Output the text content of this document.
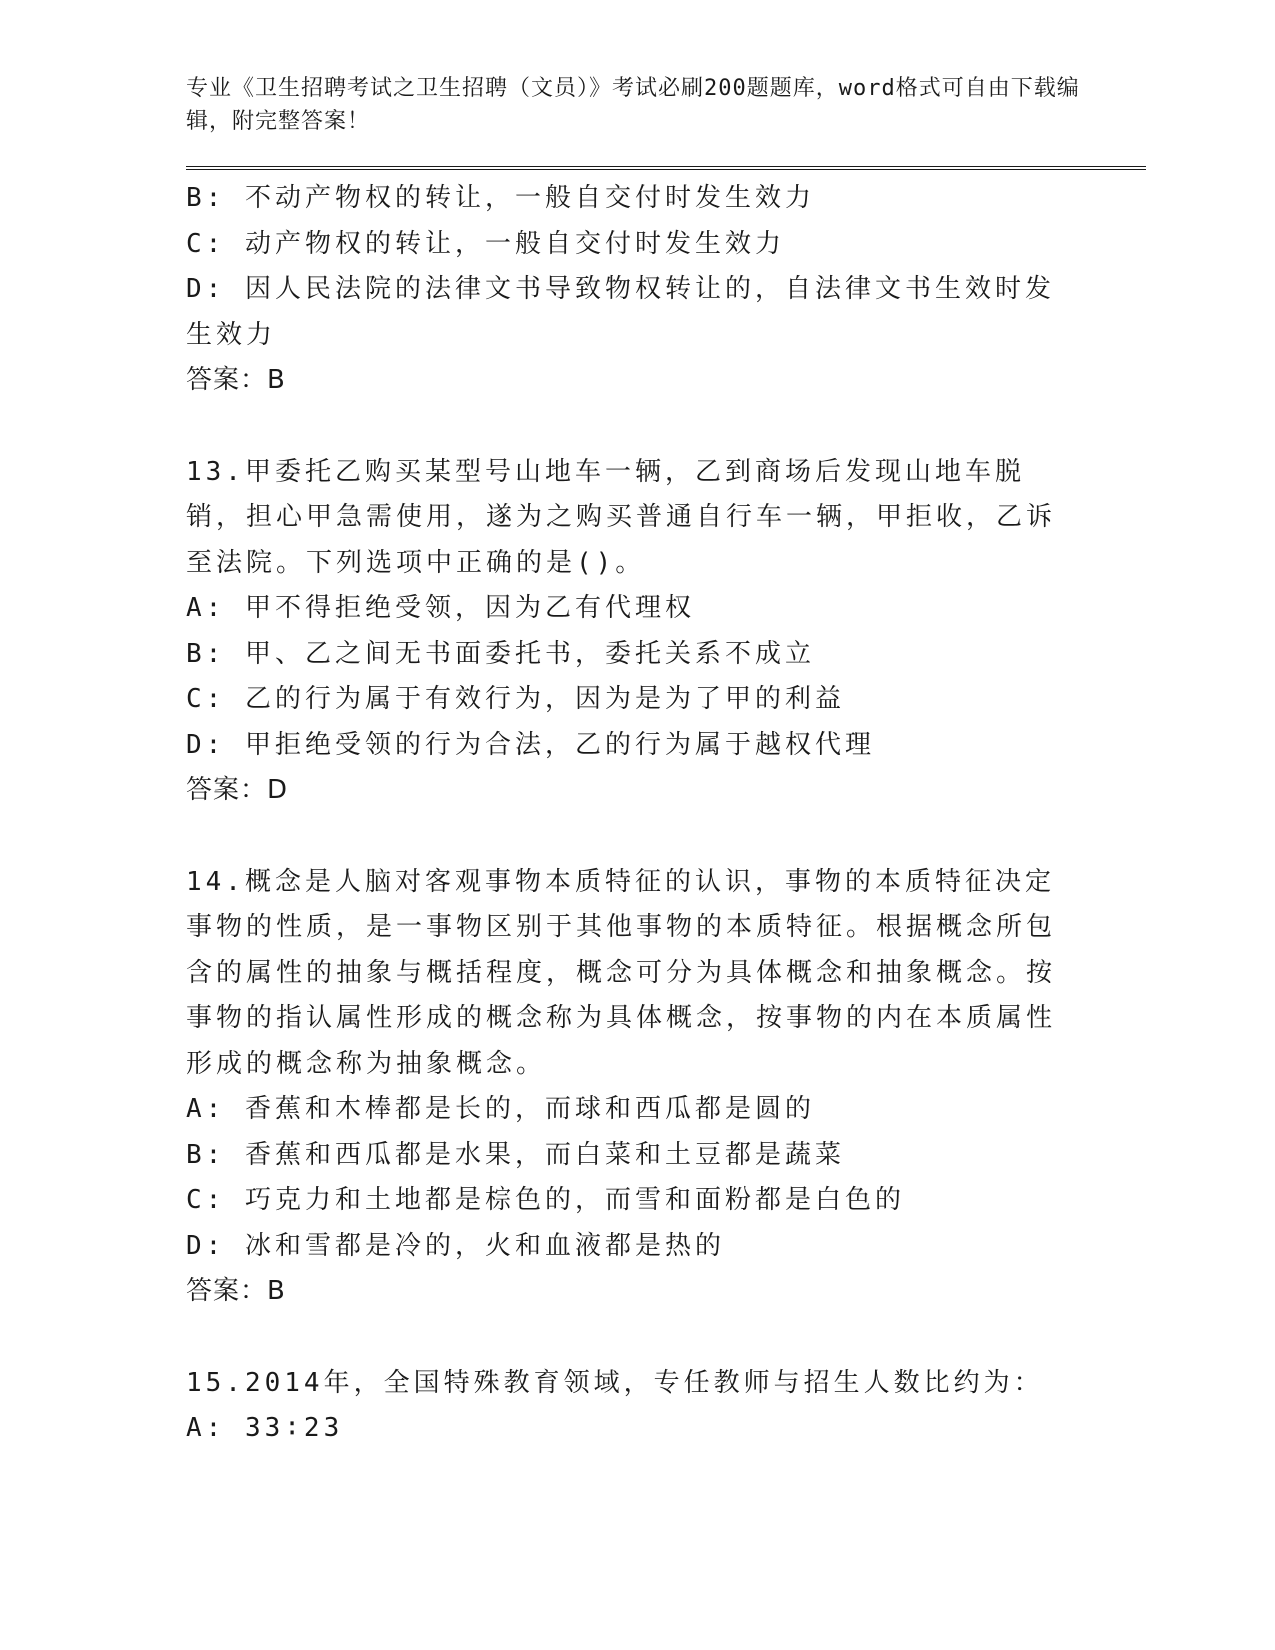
专业《卫生招聘考试之卫生招聘（文员）》考试必刷200题题库，word格式可自由下载编辑，附完整答案！
B: 不动产物权的转让，一般自交付时发生效力
C: 动产物权的转让，一般自交付时发生效力
D: 因人民法院的法律文书导致物权转让的，自法律文书生效时发生效力
答案：B
13.甲委托乙购买某型号山地车一辆，乙到商场后发现山地车脱销，担心甲急需使用，遂为之购买普通自行车一辆，甲拒收，乙诉至法院。下列选项中正确的是()。
A: 甲不得拒绝受领，因为乙有代理权
B: 甲、乙之间无书面委托书，委托关系不成立
C: 乙的行为属于有效行为，因为是为了甲的利益
D: 甲拒绝受领的行为合法，乙的行为属于越权代理
答案：D
14.概念是人脑对客观事物本质特征的认识，事物的本质特征决定事物的性质，是一事物区别于其他事物的本质特征。根据概念所包含的属性的抽象与概括程度，概念可分为具体概念和抽象概念。按事物的指认属性形成的概念称为具体概念，按事物的内在本质属性形成的概念称为抽象概念。
A: 香蕉和木棒都是长的，而球和西瓜都是圆的
B: 香蕉和西瓜都是水果，而白菜和土豆都是蔬菜
C: 巧克力和土地都是棕色的，而雪和面粉都是白色的
D: 冰和雪都是冷的，火和血液都是热的
答案：B
15.2014年，全国特殊教育领域，专任教师与招生人数比约为：
A: 33∶23
